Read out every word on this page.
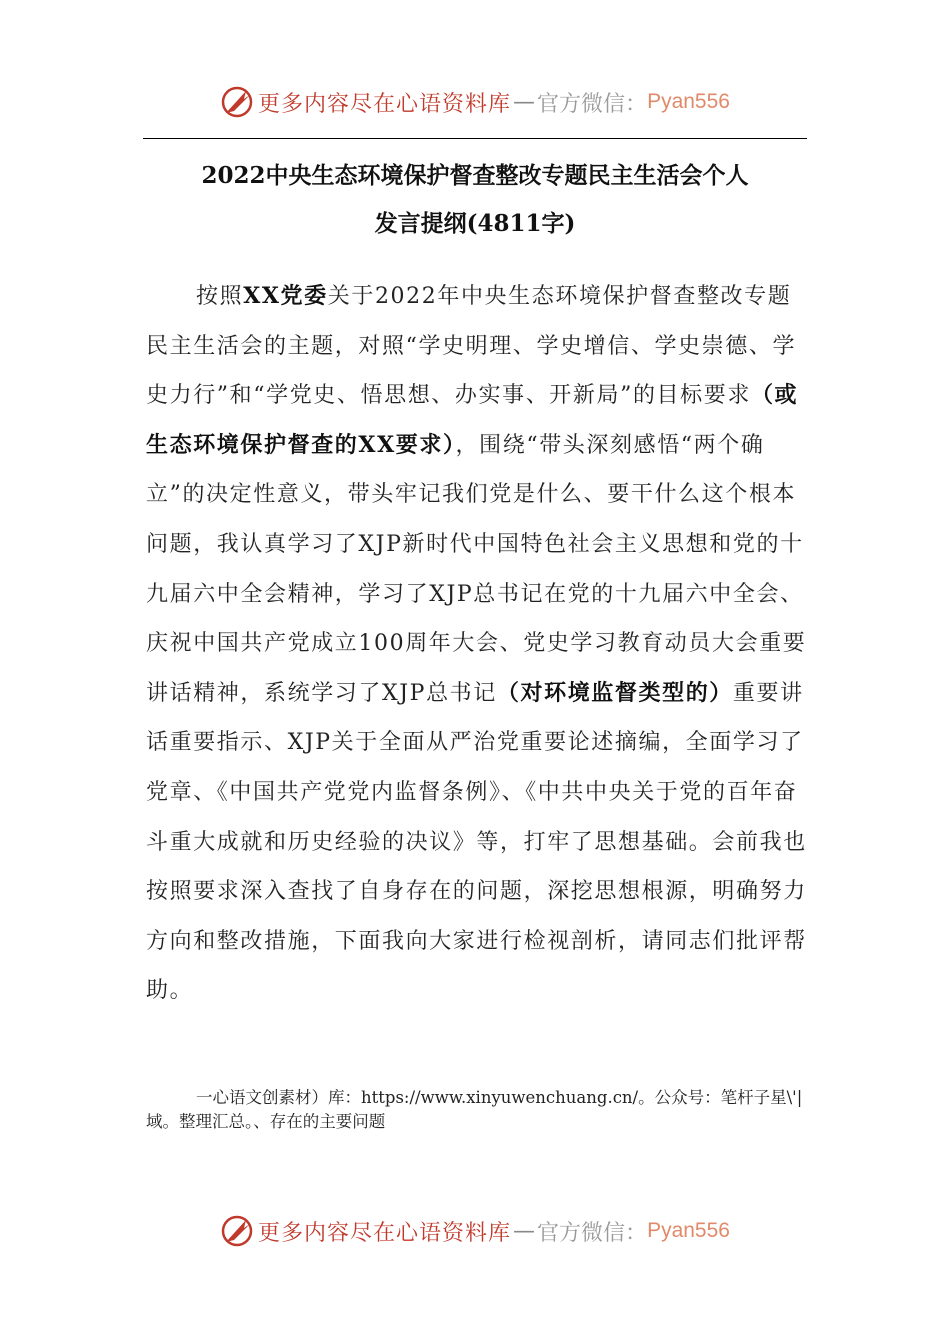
更多内容尽在心语资料库 — 官方微信： Pyan556
2022中央生态环境保护督查整改专题民主生活会个人
发言提纲(4811字)
按照XX党委关于2022年中央生态环境保护督查整改专题民主生活会的主题，对照“学史明理、学史增信、学史崇德、学史力行”和“学党史、悟思想、办实事、开新局”的目标要求（或生态环境保护督查的XX要求），围绕“带头深刻感悟“两个确立”的决定性意义，带头牢记我们党是什么、要干什么这个根本问题，我认真学习了XJP新时代中国特色社会主义思想和党的十九届六中全会精神，学习了XJP总书记在党的十九届六中全会、庆祝中国共产党成立100周年大会、党史学习教育动员大会重要讲话精神，系统学习了XJP总书记（对环境监督类型的）重要讲话重要指示、XJP关于全面从严治党重要论述摘编，全面学习了党章、《中国共产党党内监督条例》、《中共中央关于党的百年奋斗重大成就和历史经验的决议》等，打牢了思想基础。会前我也按照要求深入查找了自身存在的问题，深挖思想根源，明确努力方向和整改措施，下面我向大家进行检视剖析，请同志们批评帮助。
一心语文创素材）库：https://www.xinyuwenchuang.cn/。公众号：笔杆子星\'|域。整理汇总。、存在的主要问题
更多内容尽在心语资料库 — 官方微信： Pyan556
